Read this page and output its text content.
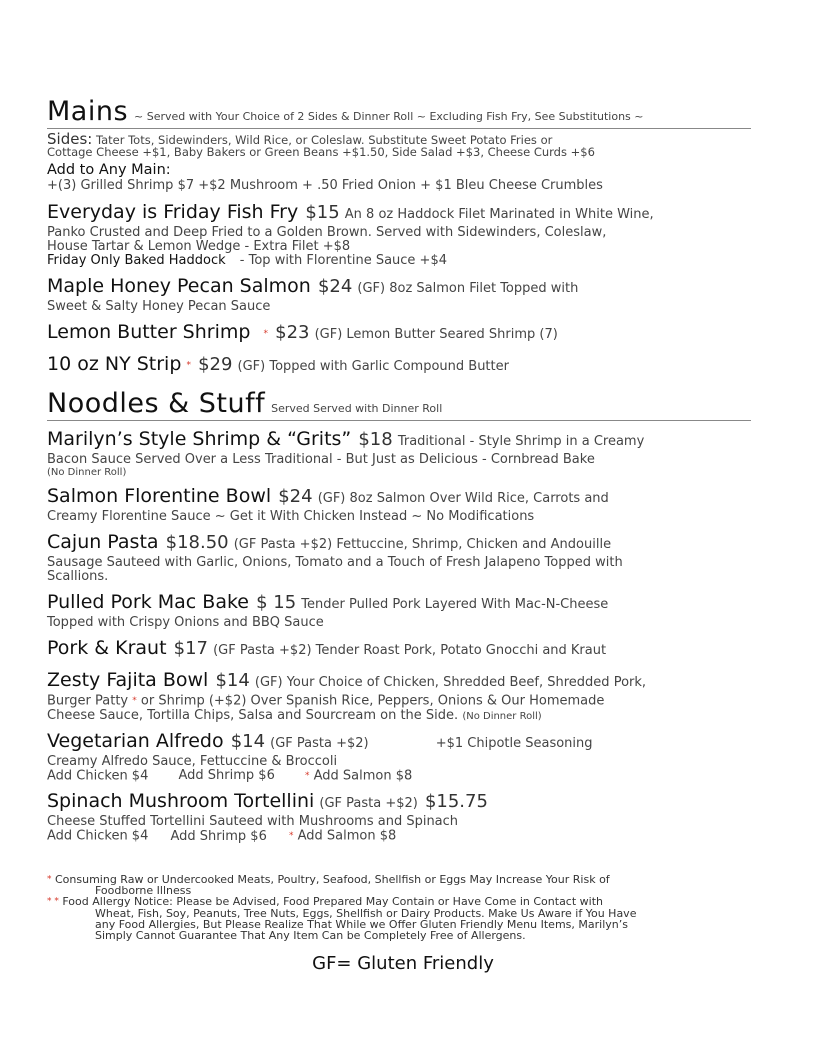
Mains ~ Served with Your Choice of 2 Sides & Dinner Roll ~ Excluding Fish Fry, See Substitutions ~
Sides: Tater Tots, Sidewinders, Wild Rice, or Coleslaw. Substitute Sweet Potato Fries or
Cottage Cheese +$1, Baby Bakers or Green Beans +$1.50, Side Salad +$3, Cheese Curds +$6
Add to Any Main:
+(3) Grilled Shrimp $7 +$2 Mushroom + .50 Fried Onion + $1 Bleu Cheese Crumbles
Everyday is Friday Fish Fry $15 An 8 oz Haddock Filet Marinated in White Wine,
Panko Crusted and Deep Fried to a Golden Brown. Served with Sidewinders, Coleslaw,
House Tartar & Lemon Wedge - Extra Filet +$8
Friday Only Baked Haddock - Top with Florentine Sauce +$4
Maple Honey Pecan Salmon $24 (GF) 8oz Salmon Filet Topped with
Sweet & Salty Honey Pecan Sauce
Lemon Butter Shrimp * $23 (GF) Lemon Butter Seared Shrimp (7)
10 oz NY Strip * $29 (GF) Topped with Garlic Compound Butter
Noodles & Stuff Served Served with Dinner Roll
Marilyn’s Style Shrimp & “Grits” $18 Traditional - Style Shrimp in a Creamy
Bacon Sauce Served Over a Less Traditional - But Just as Delicious - Cornbread Bake
(No Dinner Roll)
Salmon Florentine Bowl $24 (GF) 8oz Salmon Over Wild Rice, Carrots and
Creamy Florentine Sauce ~ Get it With Chicken Instead ~ No Modifications
Cajun Pasta $18.50 (GF Pasta +$2) Fettuccine, Shrimp, Chicken and Andouille
Sausage Sauteed with Garlic, Onions, Tomato and a Touch of Fresh Jalapeno Topped with
Scallions.
Pulled Pork Mac Bake $ 15 Tender Pulled Pork Layered With Mac-N-Cheese
Topped with Crispy Onions and BBQ Sauce
Pork & Kraut $17 (GF Pasta +$2) Tender Roast Pork, Potato Gnocchi and Kraut
Zesty Fajita Bowl $14 (GF) Your Choice of Chicken, Shredded Beef, Shredded Pork,
Burger Patty * or Shrimp (+$2) Over Spanish Rice, Peppers, Onions & Our Homemade
Cheese Sauce, Tortilla Chips, Salsa and Sourcream on the Side. (No Dinner Roll)
Vegetarian Alfredo $14 (GF Pasta +$2)	+$1 Chipotle Seasoning
Creamy Alfredo Sauce, Fettuccine & Broccoli
Add Chicken $4 Add Shrimp $6	* Add Salmon $8
Spinach Mushroom Tortellini (GF Pasta +$2) $15.75
Cheese Stuffed Tortellini Sauteed with Mushrooms and Spinach
Add Chicken $4 Add Shrimp $6 * Add Salmon $8
* Consuming Raw or Undercooked Meats, Poultry, Seafood, Shellfish or Eggs May Increase Your Risk of
Foodborne Illness
* * Food Allergy Notice: Please be Advised, Food Prepared May Contain or Have Come in Contact with
Wheat, Fish, Soy, Peanuts, Tree Nuts, Eggs, Shellfish or Dairy Products. Make Us Aware if You Have
any Food Allergies, But Please Realize That While we Offer Gluten Friendly Menu Items, Marilyn’s
Simply Cannot Guarantee That Any Item Can be Completely Free of Allergens.
GF= Gluten Friendly
